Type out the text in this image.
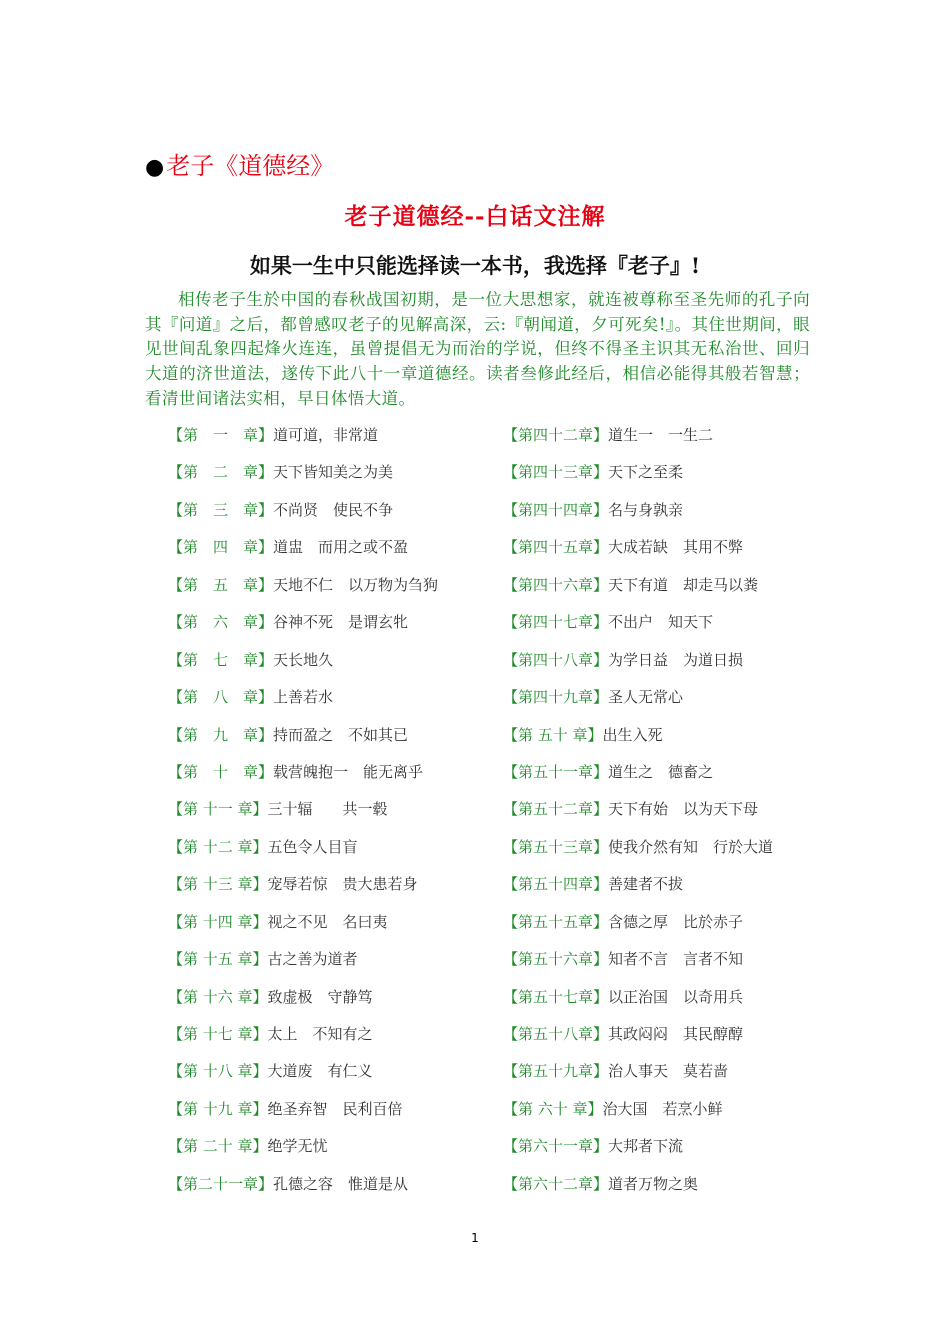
●老子《道德经》
老子道德经--白话文注解
如果一生中只能选择读一本书，我选择『老子』!
相传老子生於中国的春秋战国初期，是一位大思想家，就连被尊称至圣先师的孔子向其『问道』之后，都曾感叹老子的见解高深，云:『朝闻道，夕可死矣!』。其住世期间，眼见世间乱象四起烽火连连，虽曾提倡无为而治的学说，但终不得圣主识其无私治世、回归大道的济世道法，遂传下此八十一章道德经。读者叁修此经后，相信必能得其般若智慧；看清世间诸法实相，早日体悟大道。
【第　一　章】道可道，非常道
【第　二　章】天下皆知美之为美
【第　三　章】不尚贤　使民不争
【第　四　章】道盅　而用之或不盈
【第　五　章】天地不仁　以万物为刍狗
【第　六　章】谷神不死　是谓玄牝
【第　七　章】天长地久
【第　八　章】上善若水
【第　九　章】持而盈之　不如其已
【第　十　章】载营魄抱一　能无离乎
【第 十一 章】三十辐　　共一毂
【第 十二 章】五色令人目盲
【第 十三 章】宠辱若惊　贵大患若身
【第 十四 章】视之不见　名曰夷
【第 十五 章】古之善为道者
【第 十六 章】致虚极　守静笃
【第 十七 章】太上　不知有之
【第 十八 章】大道废　有仁义
【第 十九 章】绝圣弃智　民利百倍
【第 二十 章】绝学无忧
【第二十一章】孔德之容　惟道是从
【第四十二章】道生一　一生二
【第四十三章】天下之至柔
【第四十四章】名与身孰亲
【第四十五章】大成若缺　其用不弊
【第四十六章】天下有道　却走马以粪
【第四十七章】不出户　知天下
【第四十八章】为学日益　为道日损
【第四十九章】圣人无常心
【第 五十 章】出生入死
【第五十一章】道生之　德畜之
【第五十二章】天下有始　以为天下母
【第五十三章】使我介然有知　行於大道
【第五十四章】善建者不拔
【第五十五章】含德之厚　比於赤子
【第五十六章】知者不言　言者不知
【第五十七章】以正治国　以奇用兵
【第五十八章】其政闷闷　其民醇醇
【第五十九章】治人事天　莫若啬
【第 六十 章】治大国　若烹小鲜
【第六十一章】大邦者下流
【第六十二章】道者万物之奥
1
